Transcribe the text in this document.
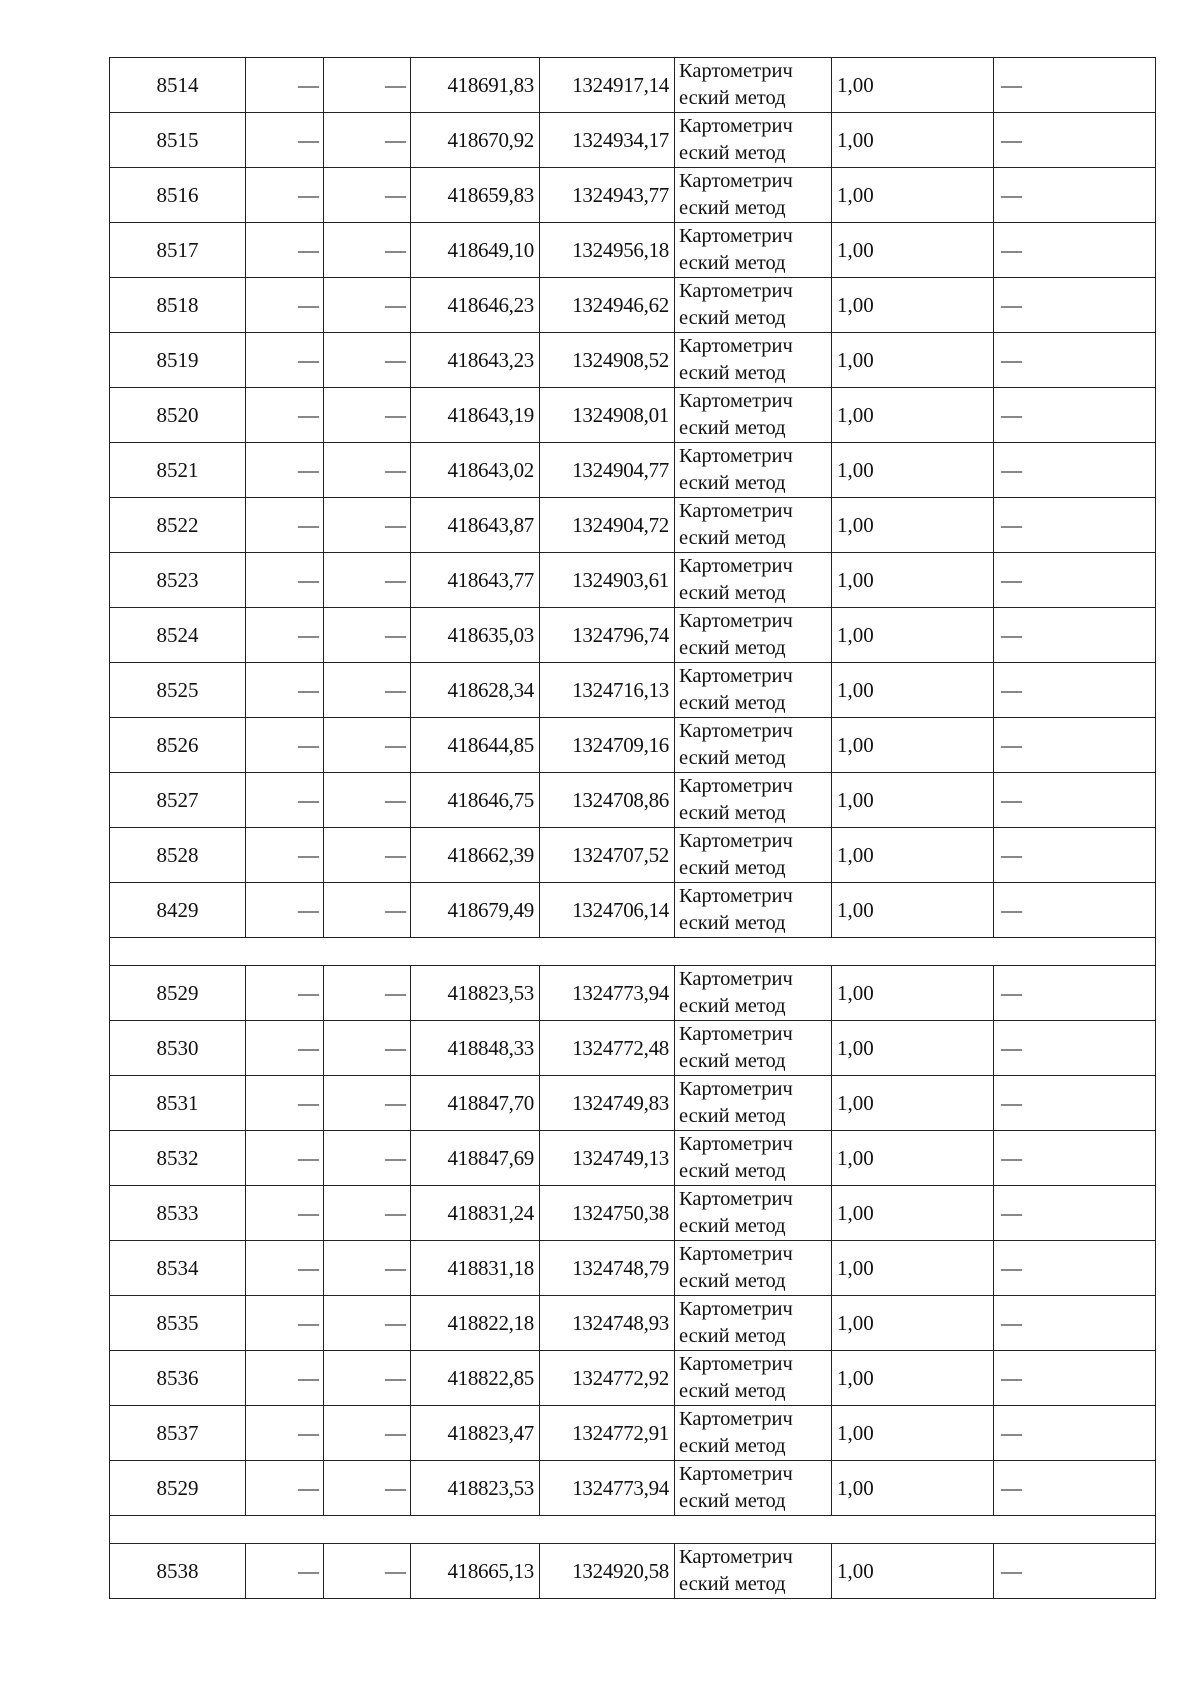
8514	—	—	418691,83	1324917,14	Картометрич
еский метод	1,00	—
8515	—	—	418670,92	1324934,17	Картометрич
еский метод	1,00	—
8516	—	—	418659,83	1324943,77	Картометрич
еский метод	1,00	—
8517	—	—	418649,10	1324956,18	Картометрич
еский метод	1,00	—
8518	—	—	418646,23	1324946,62	Картометрич
еский метод	1,00	—
8519	—	—	418643,23	1324908,52	Картометрич
еский метод	1,00	—
8520	—	—	418643,19	1324908,01	Картометрич
еский метод	1,00	—
8521	—	—	418643,02	1324904,77	Картометрич
еский метод	1,00	—
8522	—	—	418643,87	1324904,72	Картометрич
еский метод	1,00	—
8523	—	—	418643,77	1324903,61	Картометрич
еский метод	1,00	—
8524	—	—	418635,03	1324796,74	Картометрич
еский метод	1,00	—
8525	—	—	418628,34	1324716,13	Картометрич
еский метод	1,00	—
8526	—	—	418644,85	1324709,16	Картометрич
еский метод	1,00	—
8527	—	—	418646,75	1324708,86	Картометрич
еский метод	1,00	—
8528	—	—	418662,39	1324707,52	Картометрич
еский метод	1,00	—
8429	—	—	418679,49	1324706,14	Картометрич
еский метод	1,00	—

8529	—	—	418823,53	1324773,94	Картометрич
еский метод	1,00	—
8530	—	—	418848,33	1324772,48	Картометрич
еский метод	1,00	—
8531	—	—	418847,70	1324749,83	Картометрич
еский метод	1,00	—
8532	—	—	418847,69	1324749,13	Картометрич
еский метод	1,00	—
8533	—	—	418831,24	1324750,38	Картометрич
еский метод	1,00	—
8534	—	—	418831,18	1324748,79	Картометрич
еский метод	1,00	—
8535	—	—	418822,18	1324748,93	Картометрич
еский метод	1,00	—
8536	—	—	418822,85	1324772,92	Картометрич
еский метод	1,00	—
8537	—	—	418823,47	1324772,91	Картометрич
еский метод	1,00	—
8529	—	—	418823,53	1324773,94	Картометрич
еский метод	1,00	—

8538	—	—	418665,13	1324920,58	Картометрич
еский метод	1,00	—
